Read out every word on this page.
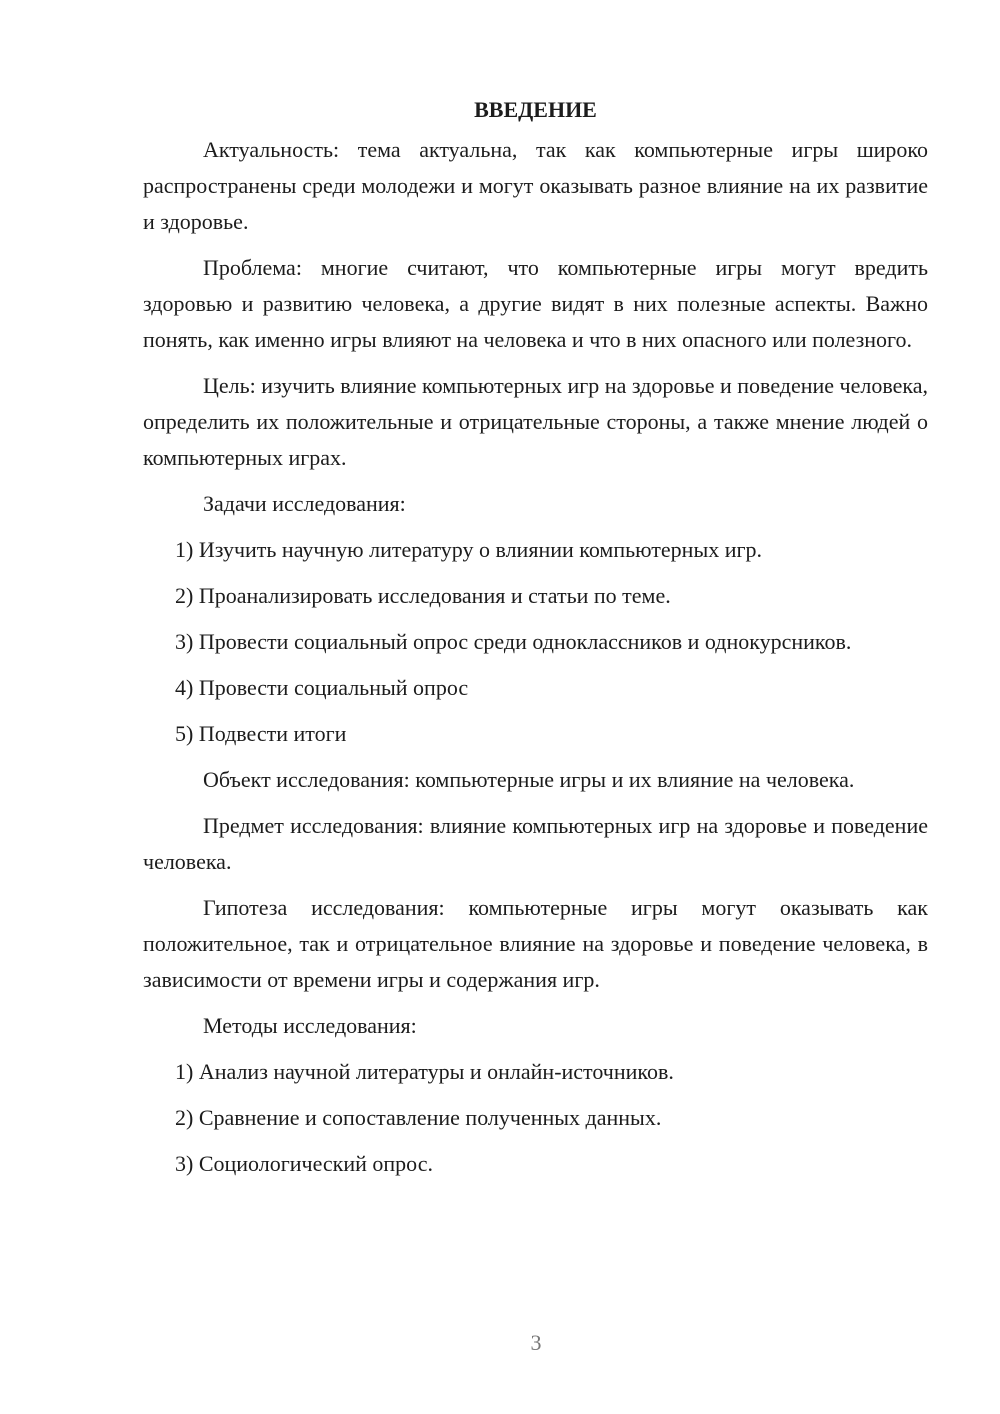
ВВЕДЕНИЕ

Актуальность: тема актуальна, так как компьютерные игры широко распространены среди молодежи и могут оказывать разное влияние на их развитие и здоровье.

Проблема: многие считают, что компьютерные игры могут вредить здоровью и развитию человека, а другие видят в них полезные аспекты. Важно понять, как именно игры влияют на человека и что в них опасного или полезного.

Цель: изучить влияние компьютерных игр на здоровье и поведение человека, определить их положительные и отрицательные стороны, а также мнение людей о компьютерных играх.

Задачи исследования:

1) Изучить научную литературу о влиянии компьютерных игр.

2) Проанализировать исследования и статьи по теме.

3) Провести социальный опрос среди одноклассников и однокурсников.

4) Провести социальный опрос

5) Подвести итоги

Объект исследования: компьютерные игры и их влияние на человека.

Предмет исследования: влияние компьютерных игр на здоровье и поведение человека.

Гипотеза исследования: компьютерные игры могут оказывать как положительное, так и отрицательное влияние на здоровье и поведение человека, в зависимости от времени игры и содержания игр.

Методы исследования:

1) Анализ научной литературы и онлайн-источников.

2) Сравнение и сопоставление полученных данных.

3) Социологический опрос.

3
